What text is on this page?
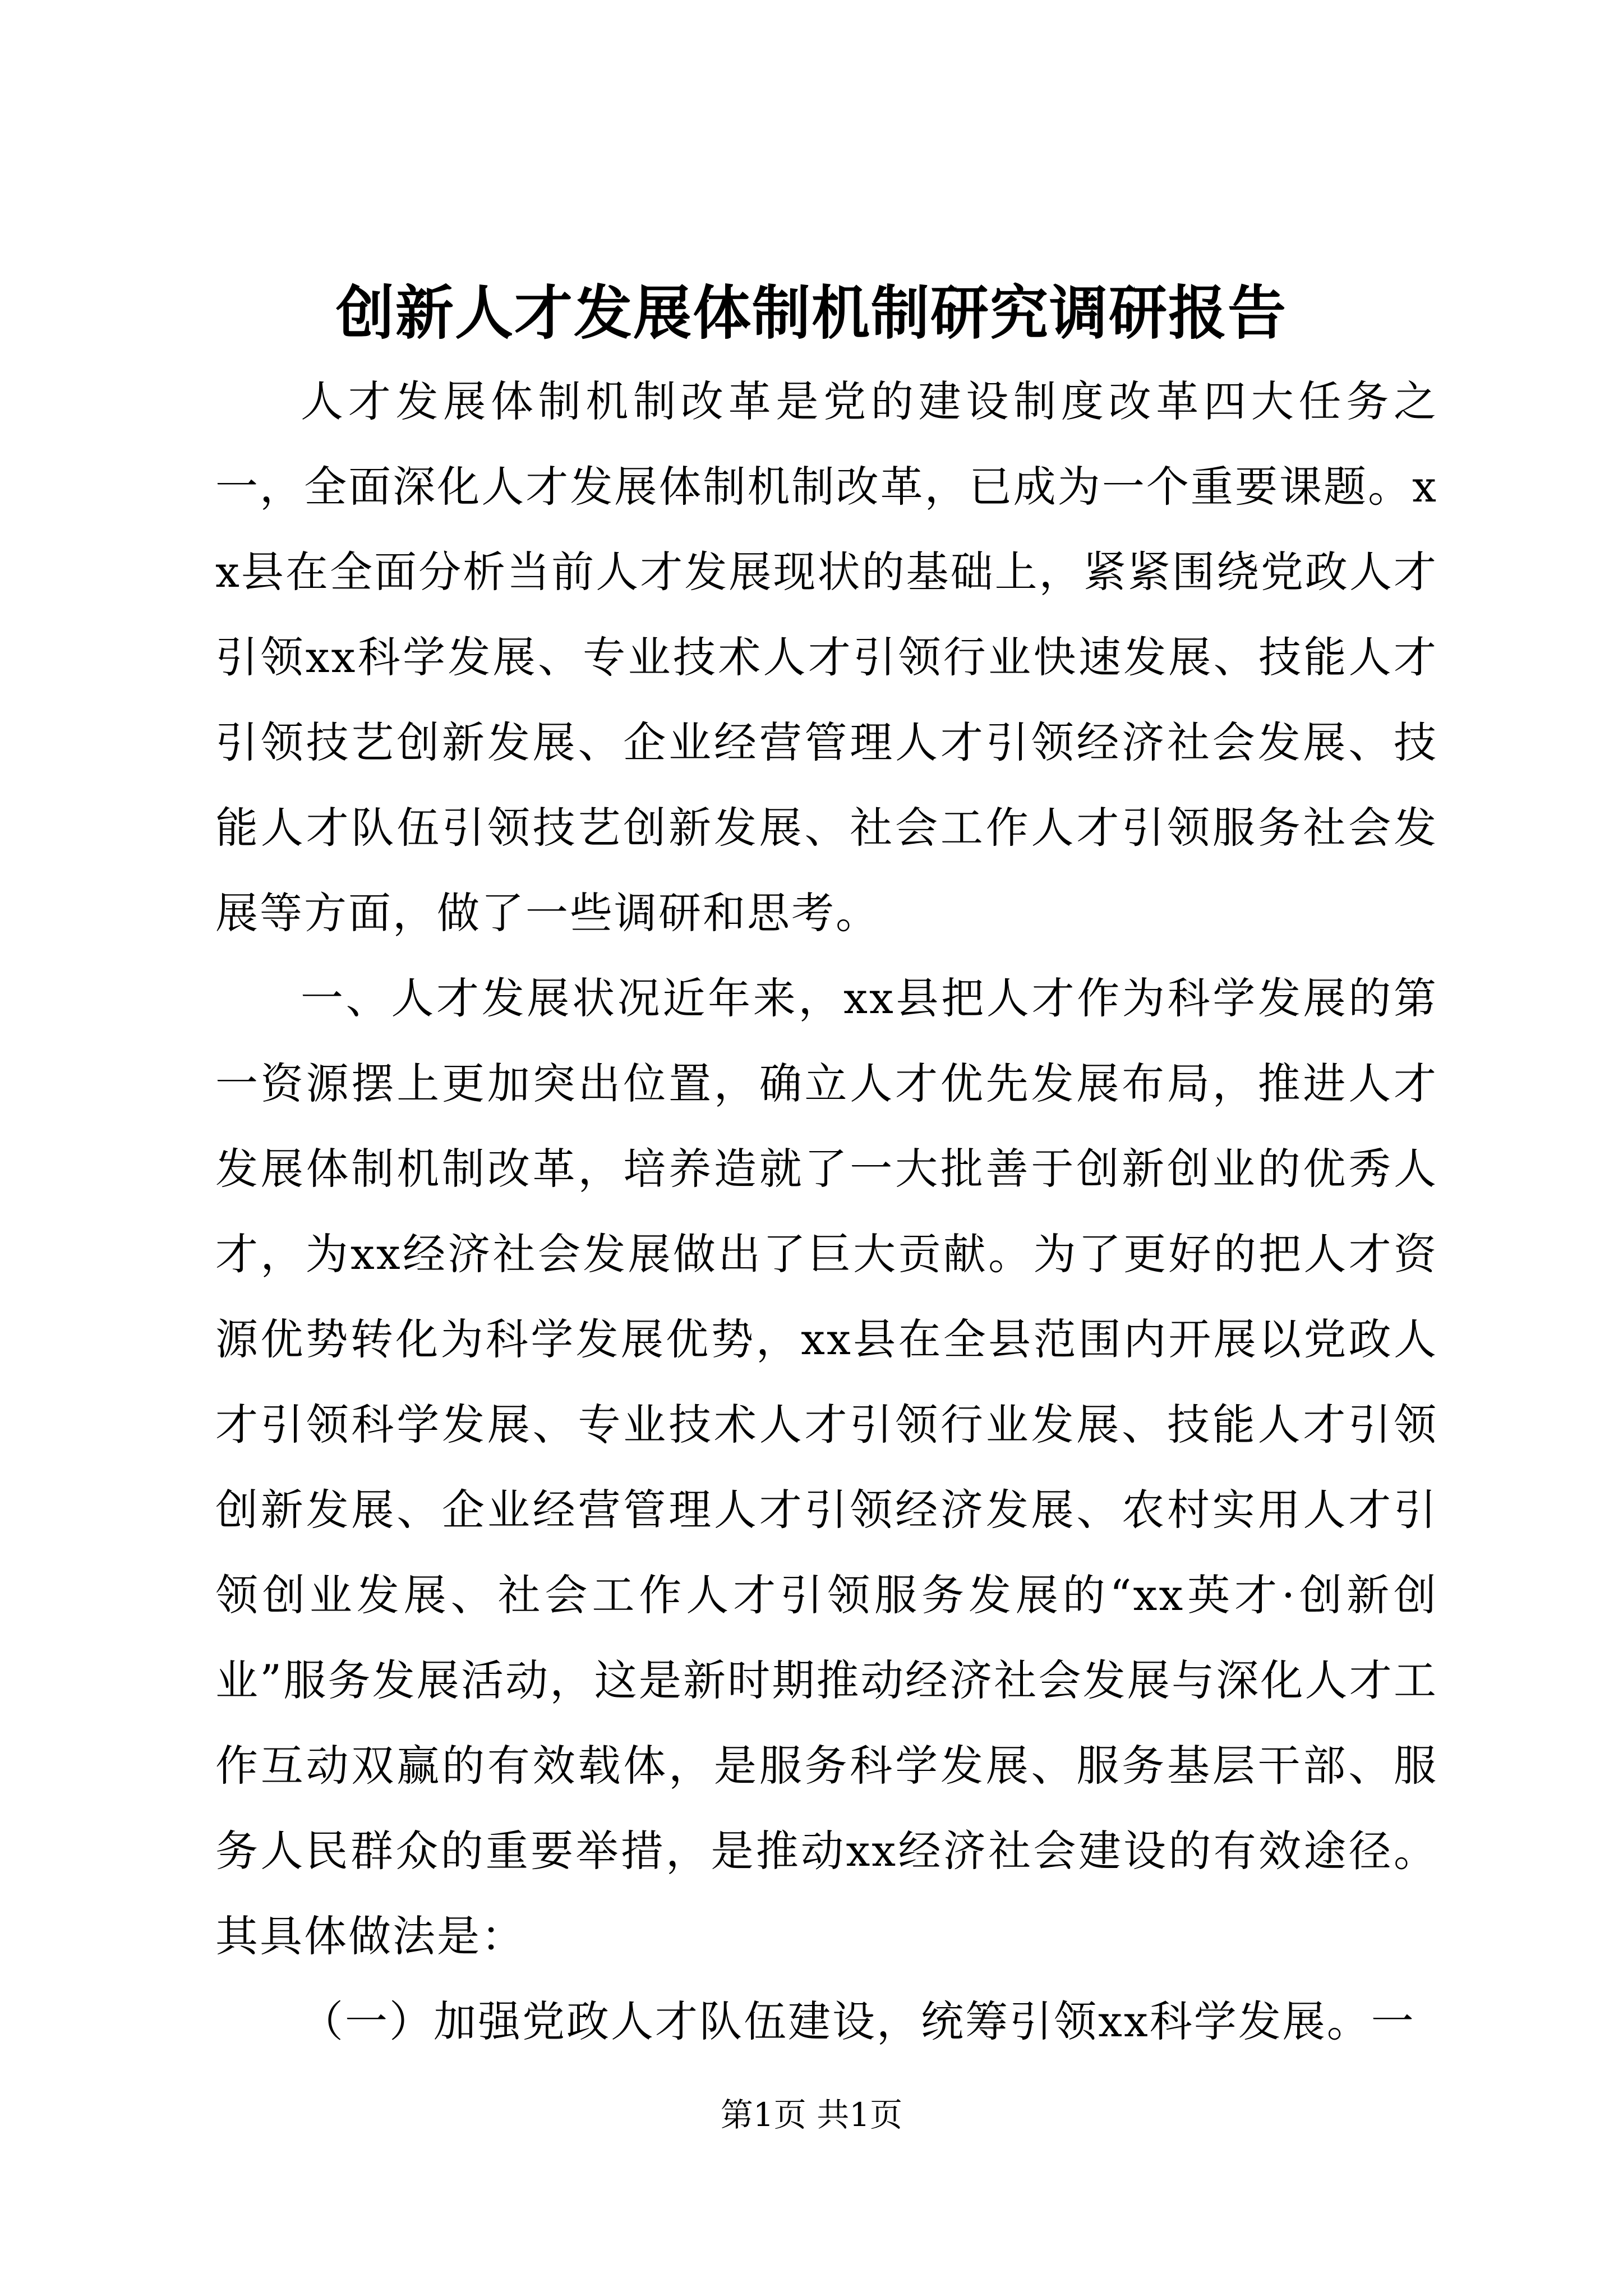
创新人才发展体制机制研究调研报告

人才发展体制机制改革是党的建设制度改革四大任务之一，全面深化人才发展体制机制改革，已成为一个重要课题。xx县在全面分析当前人才发展现状的基础上，紧紧围绕党政人才引领xx科学发展、专业技术人才引领行业快速发展、技能人才引领技艺创新发展、企业经营管理人才引领经济社会发展、技能人才队伍引领技艺创新发展、社会工作人才引领服务社会发展等方面，做了一些调研和思考。

一、人才发展状况近年来，xx县把人才作为科学发展的第一资源摆上更加突出位置，确立人才优先发展布局，推进人才发展体制机制改革，培养造就了一大批善于创新创业的优秀人才，为xx经济社会发展做出了巨大贡献。为了更好的把人才资源优势转化为科学发展优势，xx县在全县范围内开展以党政人才引领科学发展、专业技术人才引领行业发展、技能人才引领创新发展、企业经营管理人才引领经济发展、农村实用人才引领创业发展、社会工作人才引领服务发展的“xx英才·创新创业”服务发展活动，这是新时期推动经济社会发展与深化人才工作互动双赢的有效载体，是服务科学发展、服务基层干部、服务人民群众的重要举措，是推动xx经济社会建设的有效途径。其具体做法是：

（一）加强党政人才队伍建设，统筹引领xx科学发展。一

第1页 共1页
